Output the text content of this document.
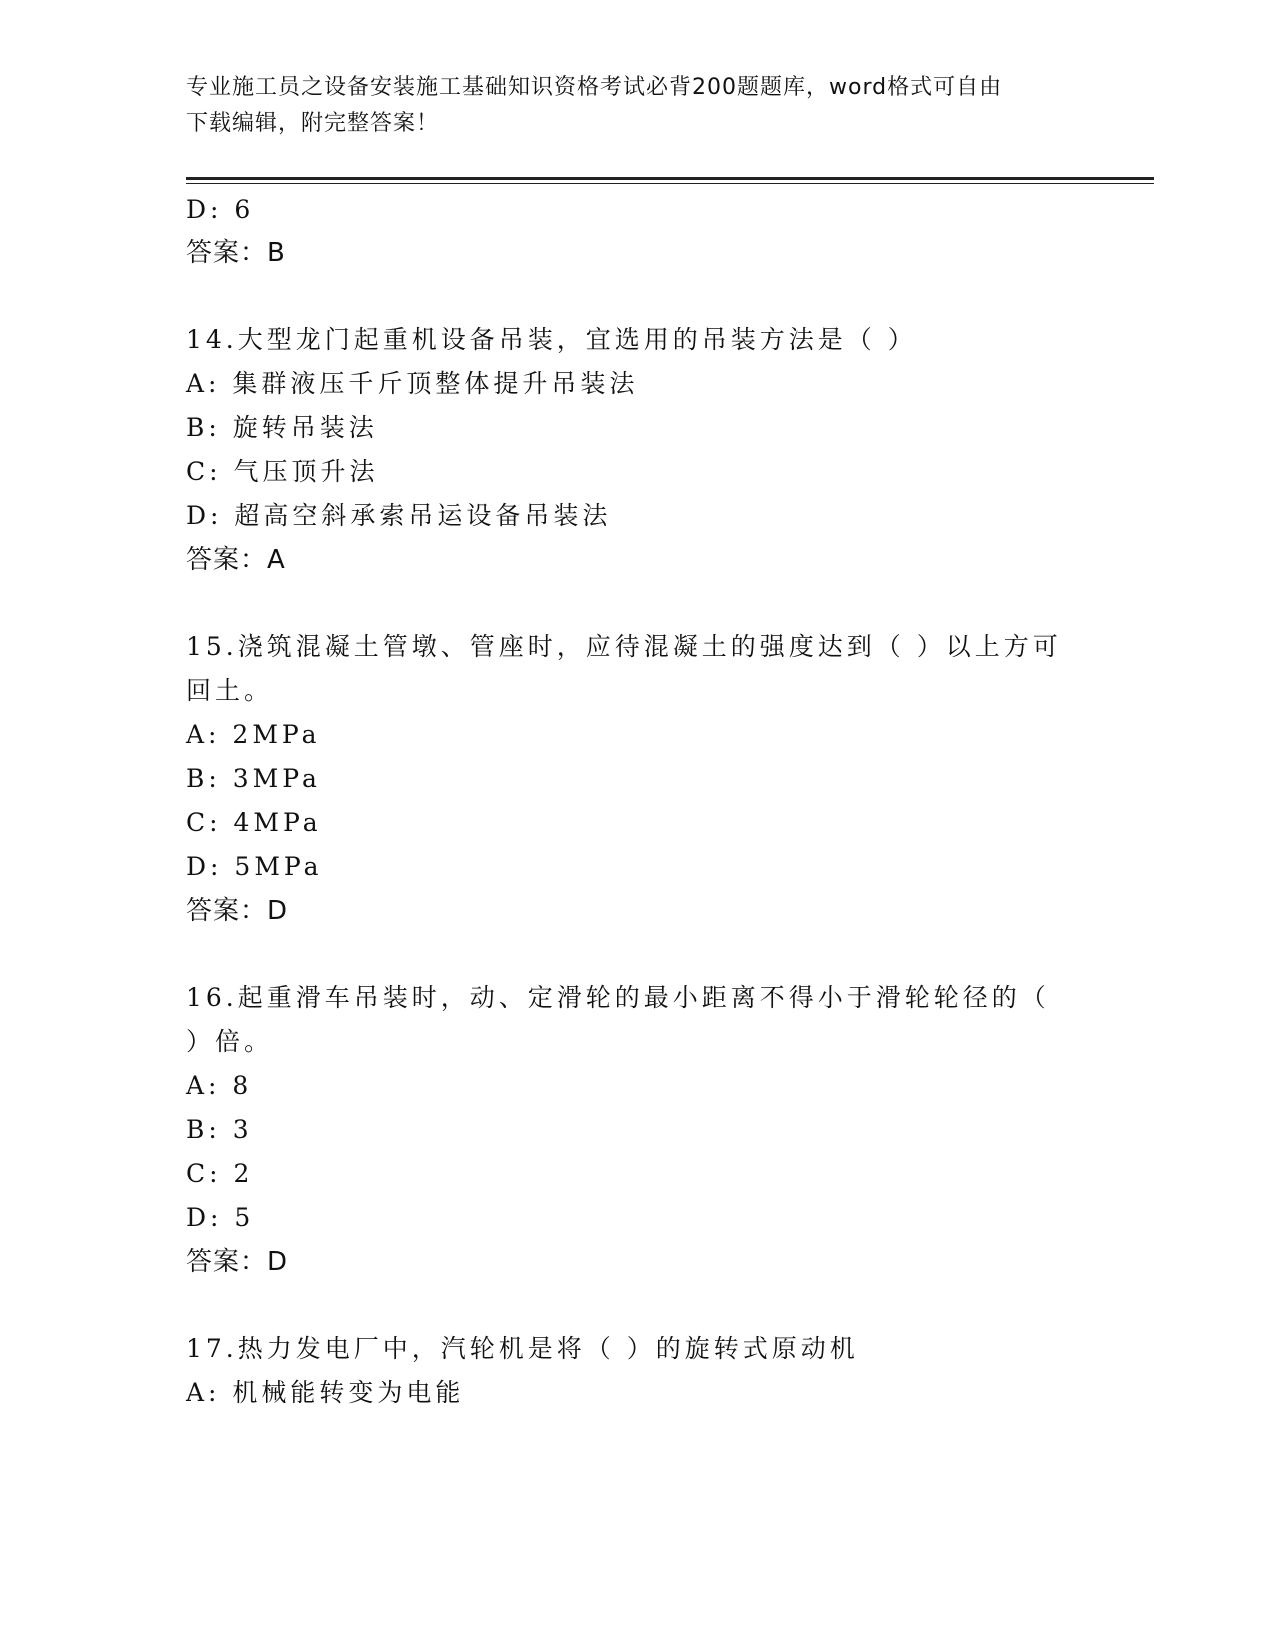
专业施工员之设备安装施工基础知识资格考试必背200题题库，word格式可自由
下载编辑，附完整答案！
D: 6
答案：B
14.大型龙门起重机设备吊装，宜选用的吊装方法是（ ）
A: 集群液压千斤顶整体提升吊装法
B: 旋转吊装法
C: 气压顶升法
D: 超高空斜承索吊运设备吊装法
答案：A
15.浇筑混凝土管墩、管座时，应待混凝土的强度达到（ ）以上方可
回土。
A: 2MPa
B: 3MPa
C: 4MPa
D: 5MPa
答案：D
16.起重滑车吊装时，动、定滑轮的最小距离不得小于滑轮轮径的（
）倍。
A: 8
B: 3
C: 2
D: 5
答案：D
17.热力发电厂中，汽轮机是将（ ）的旋转式原动机
A: 机械能转变为电能
